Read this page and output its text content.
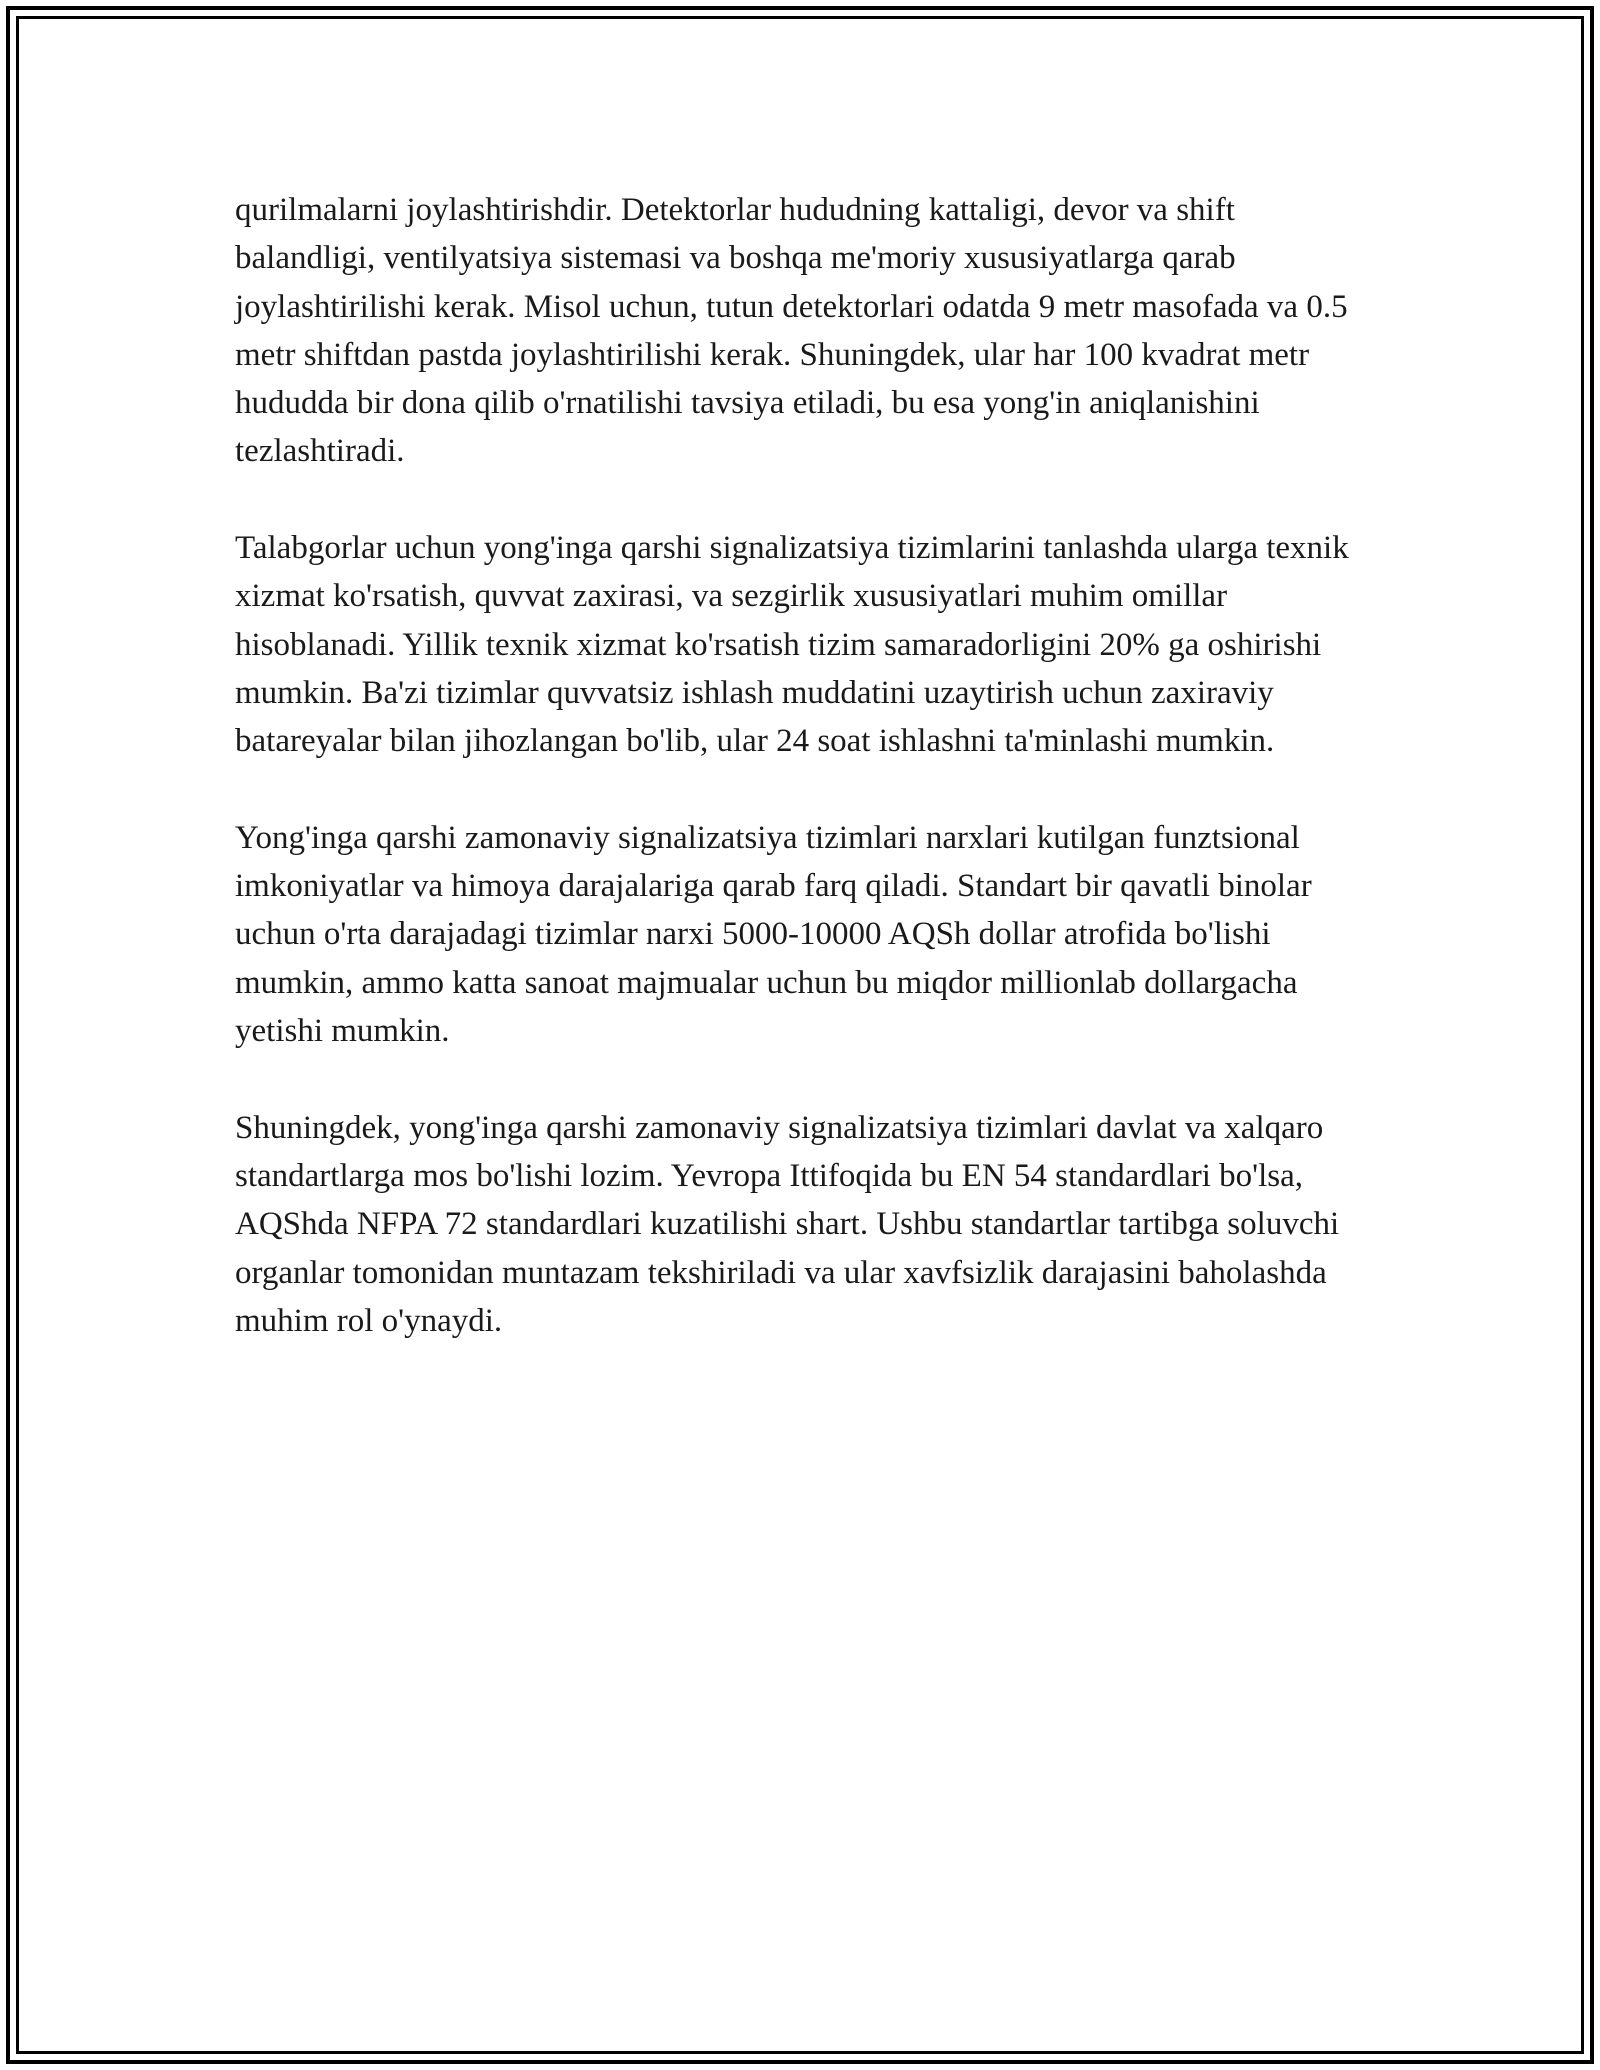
qurilmalarni joylashtirishdir. Detektorlar hududning kattaligi, devor va shift balandligi, ventilyatsiya sistemasi va boshqa me'moriy xususiyatlarga qarab joylashtirilishi kerak. Misol uchun, tutun detektorlari odatda 9 metr masofada va 0.5 metr shiftdan pastda joylashtirilishi kerak. Shuningdek, ular har 100 kvadrat metr hududda bir dona qilib o'rnatilishi tavsiya etiladi, bu esa yong'in aniqlanishini tezlashtiradi.

Talabgorlar uchun yong'inga qarshi signalizatsiya tizimlarini tanlashda ularga texnik xizmat ko'rsatish, quvvat zaxirasi, va sezgirlik xususiyatlari muhim omillar hisoblanadi. Yillik texnik xizmat ko'rsatish tizim samaradorligini 20% ga oshirishi mumkin. Ba'zi tizimlar quvvatsiz ishlash muddatini uzaytirish uchun zaxiraviy batareyalar bilan jihozlangan bo'lib, ular 24 soat ishlashni ta'minlashi mumkin.

Yong'inga qarshi zamonaviy signalizatsiya tizimlari narxlari kutilgan funztsional imkoniyatlar va himoya darajalariga qarab farq qiladi. Standart bir qavatli binolar uchun o'rta darajadagi tizimlar narxi 5000-10000 AQSh dollar atrofida bo'lishi mumkin, ammo katta sanoat majmualar uchun bu miqdor millionlab dollargacha yetishi mumkin.

Shuningdek, yong'inga qarshi zamonaviy signalizatsiya tizimlari davlat va xalqaro standartlarga mos bo'lishi lozim. Yevropa Ittifoqida bu EN 54 standardlari bo'lsa, AQShda NFPA 72 standardlari kuzatilishi shart. Ushbu standartlar tartibga soluvchi organlar tomonidan muntazam tekshiriladi va ular xavfsizlik darajasini baholashda muhim rol o'ynaydi.
